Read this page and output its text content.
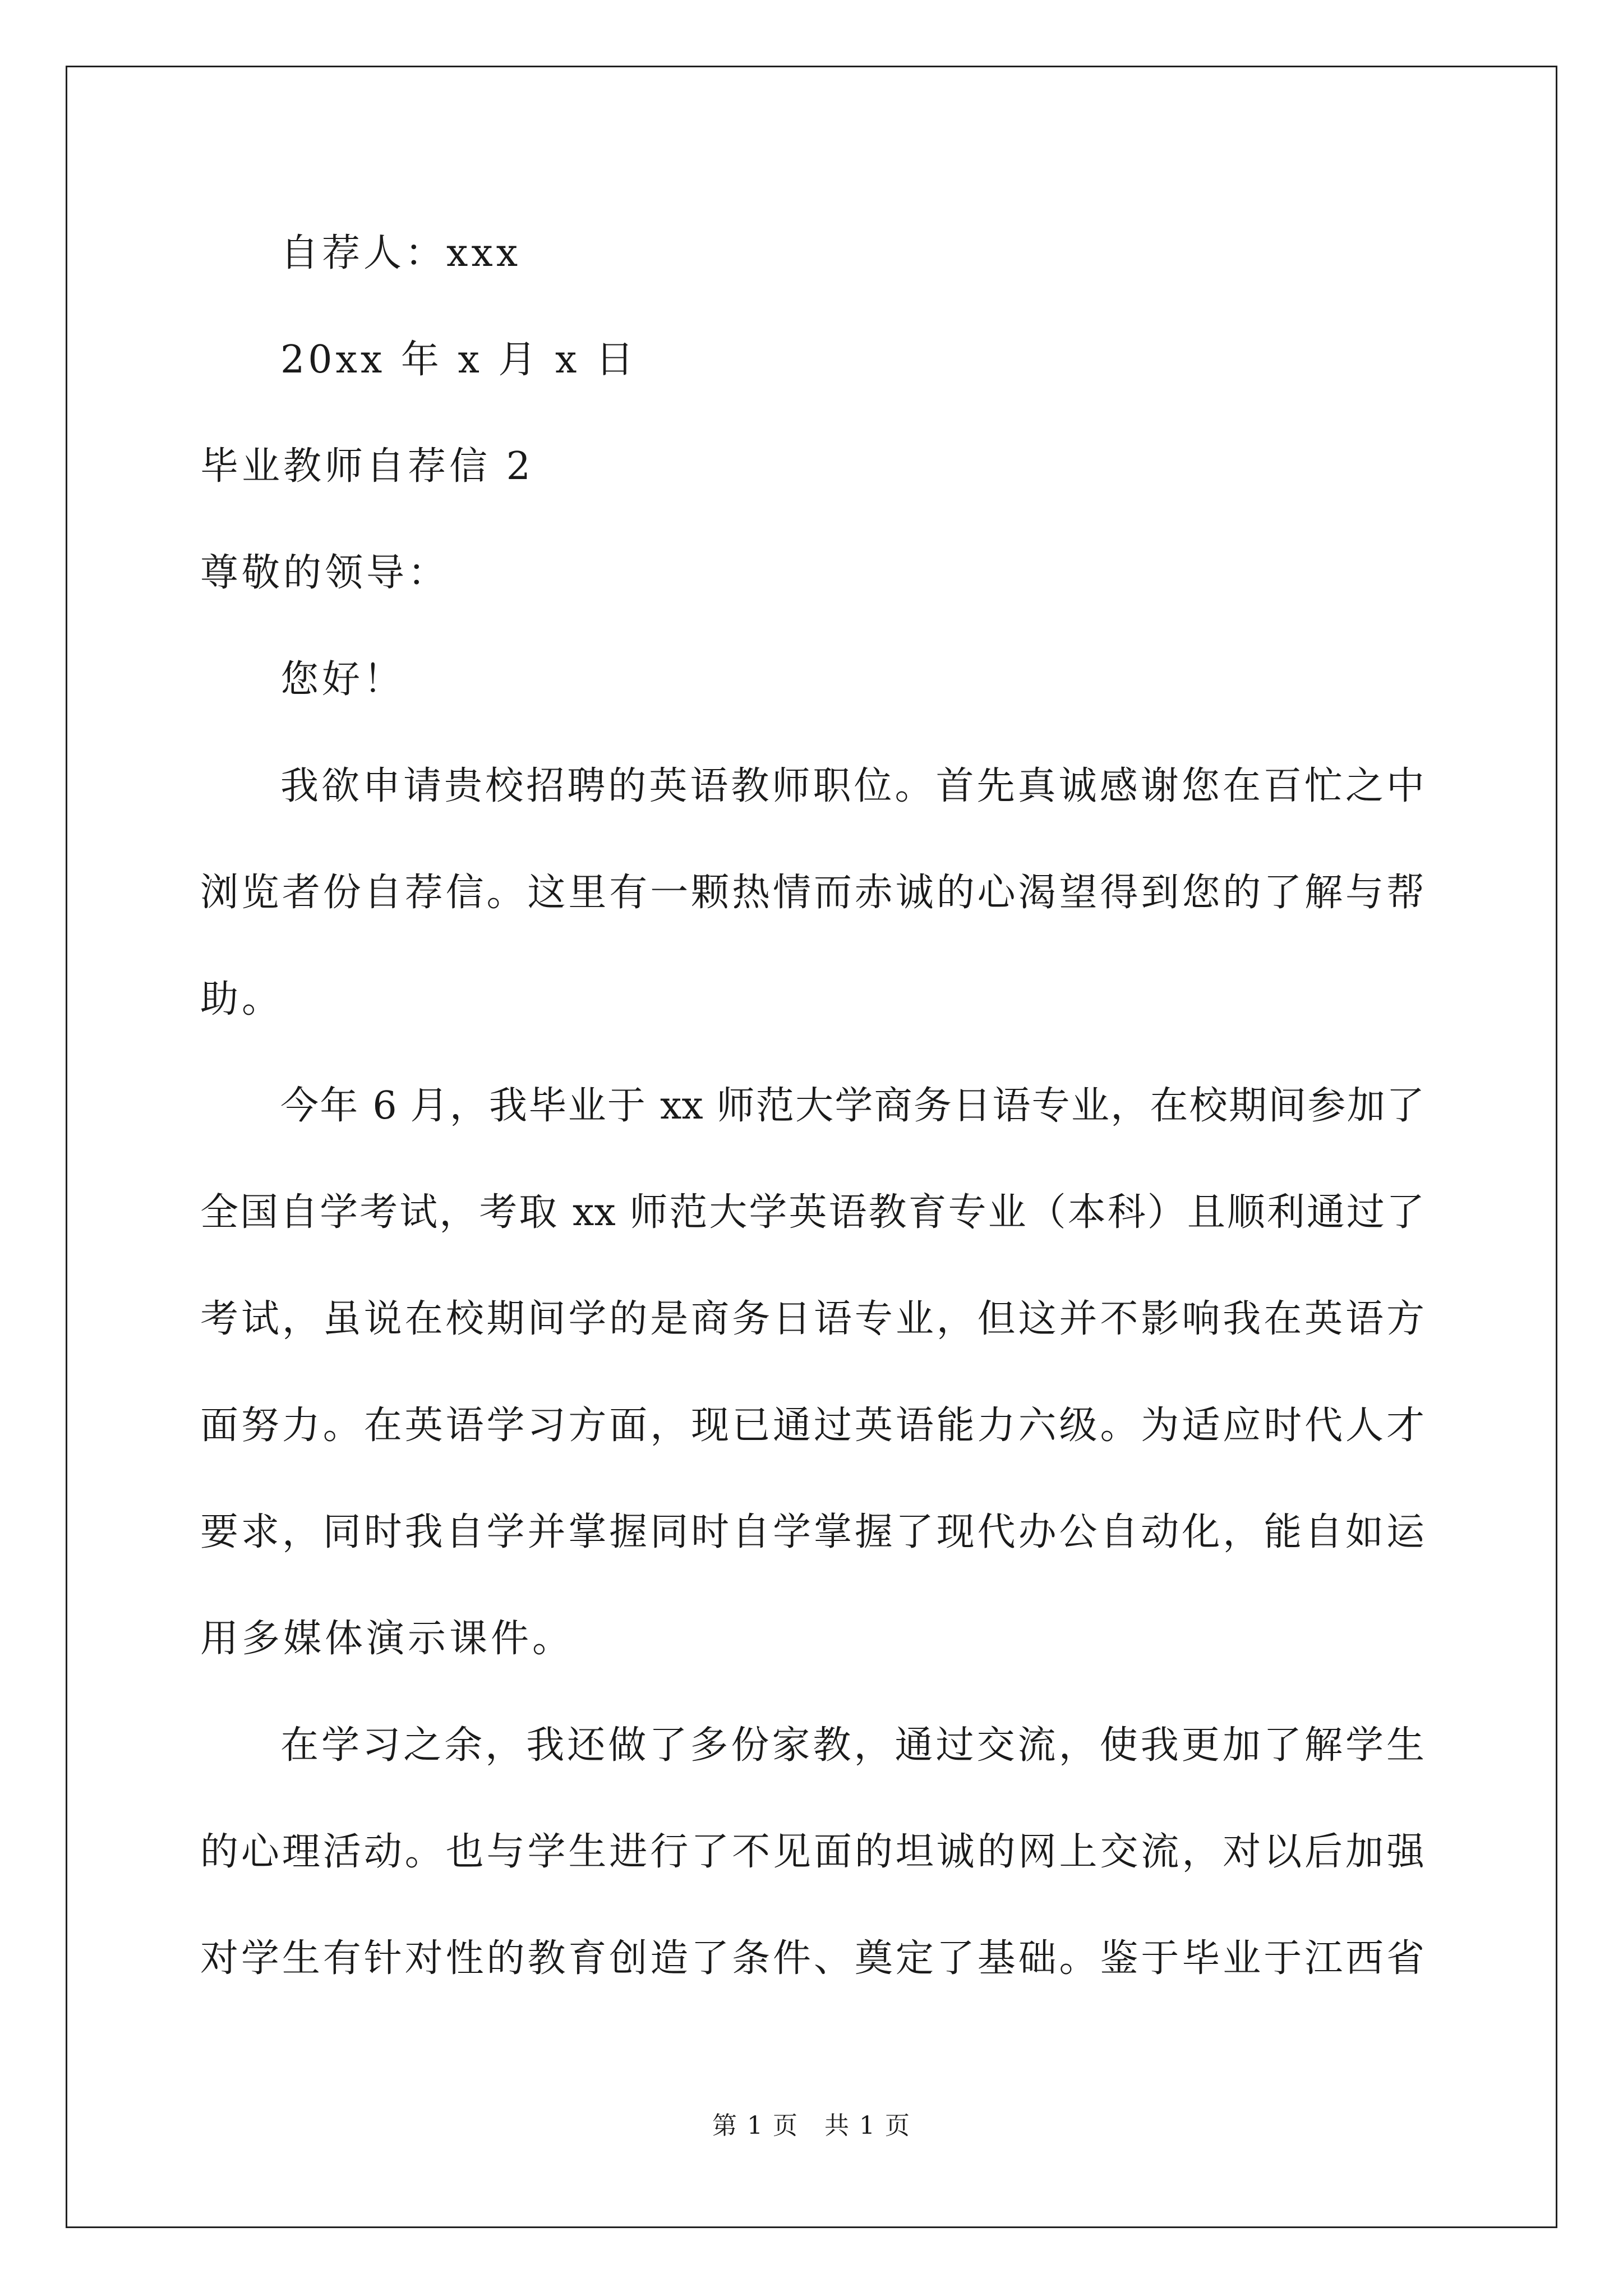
自荐人：xxx
20xx 年 x 月 x 日
毕业教师自荐信 2
尊敬的领导：
您好！
我欲申请贵校招聘的英语教师职位。首先真诚感谢您在百忙之中
浏览者份自荐信。这里有一颗热情而赤诚的心渴望得到您的了解与帮
助。
今年 6 月，我毕业于 xx 师范大学商务日语专业，在校期间参加了
全国自学考试，考取 xx 师范大学英语教育专业（本科）且顺利通过了
考试，虽说在校期间学的是商务日语专业，但这并不影响我在英语方
面努力。在英语学习方面，现已通过英语能力六级。为适应时代人才
要求，同时我自学并掌握同时自学掌握了现代办公自动化，能自如运
用多媒体演示课件。
在学习之余，我还做了多份家教，通过交流，使我更加了解学生
的心理活动。也与学生进行了不见面的坦诚的网上交流，对以后加强
对学生有针对性的教育创造了条件、奠定了基础。鉴于毕业于江西省
第 1 页　共 1 页
